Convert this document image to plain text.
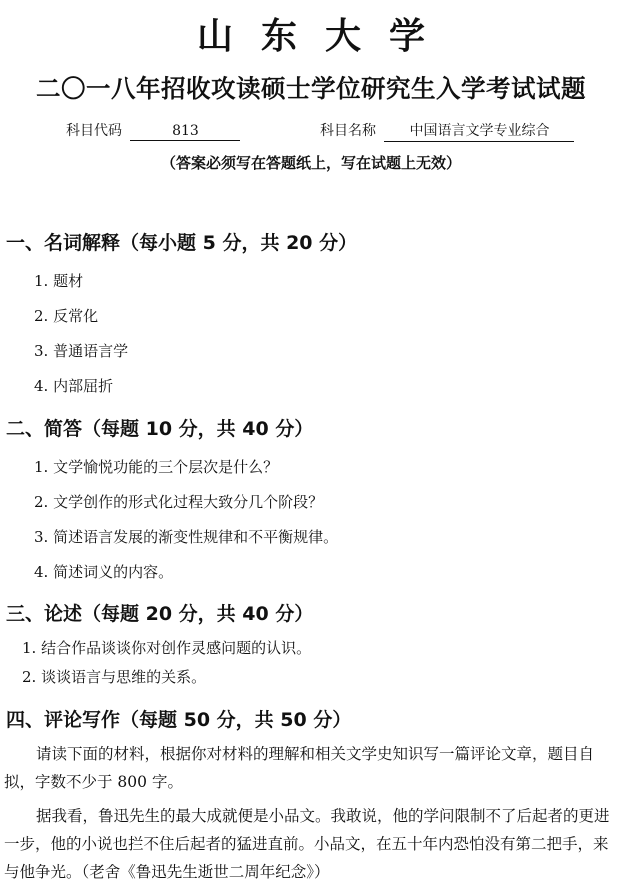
山东大学
二〇一八年招收攻读硕士学位研究生入学考试试题
科目代码	813	科目名称 中国语言文学专业综合
（答案必须写在答题纸上，写在试题上无效）
一、名词解释（每小题 5 分，共 20 分）
1. 题材
2. 反常化
3. 普通语言学
4. 内部屈折
二、简答（每题 10 分，共 40 分）
1. 文学愉悦功能的三个层次是什么？
2. 文学创作的形式化过程大致分几个阶段？
3. 简述语言发展的渐变性规律和不平衡规律。
4. 简述词义的内容。
三、论述（每题 20 分，共 40 分）
1. 结合作品谈谈你对创作灵感问题的认识。
2. 谈谈语言与思维的关系。
四、评论写作（每题 50 分，共 50 分）
请读下面的材料，根据你对材料的理解和相关文学史知识写一篇评论文章，题目自拟，字数不少于 800 字。
据我看，鲁迅先生的最大成就便是小品文。我敢说，他的学问限制不了后起者的更进一步，他的小说也拦不住后起者的猛进直前。小品文，在五十年内恐怕没有第二把手，来与他争光。（老舍《鲁迅先生逝世二周年纪念》）
